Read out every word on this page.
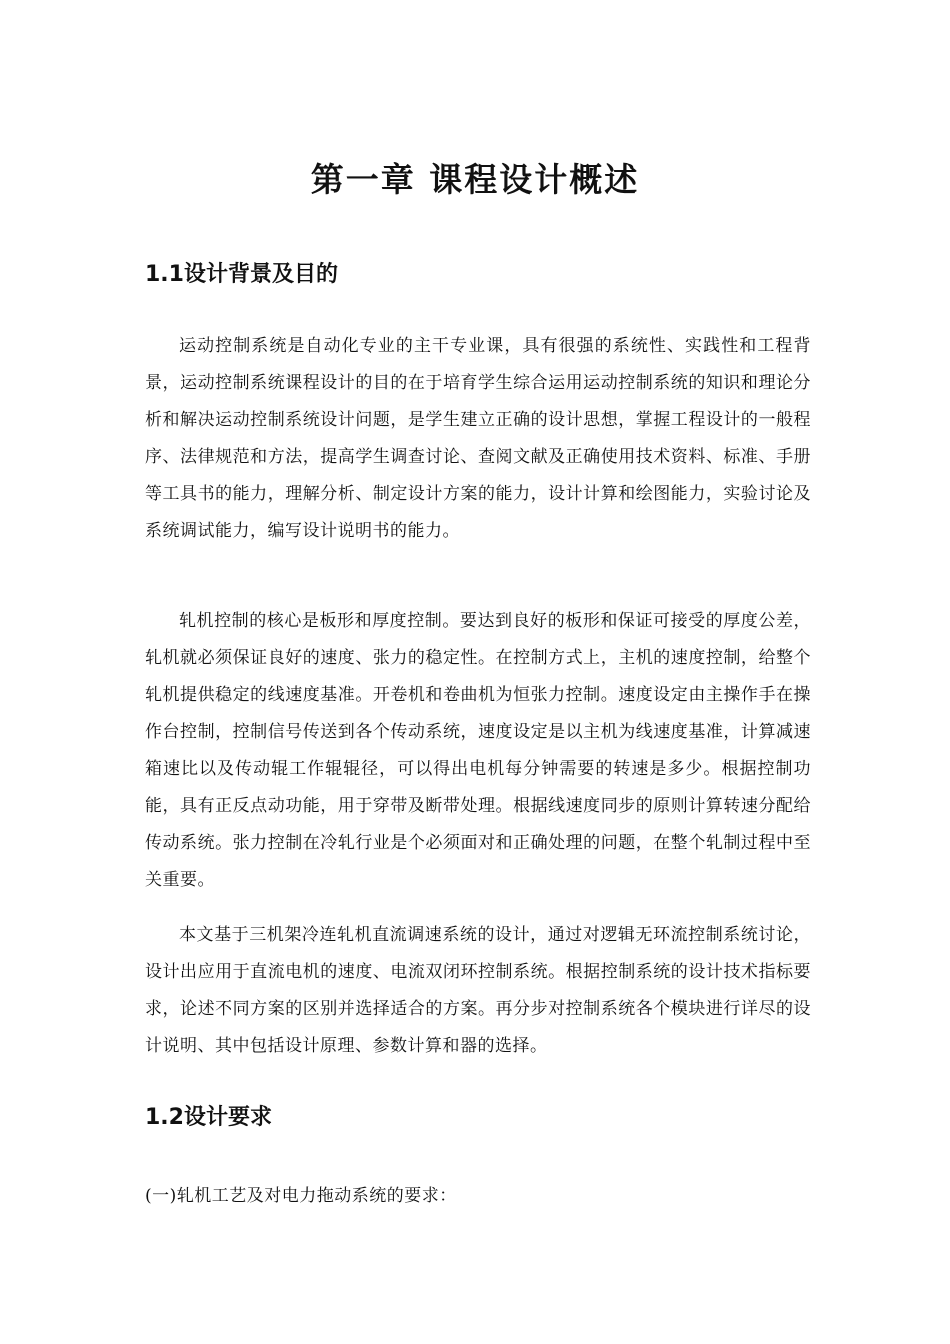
第一章 课程设计概述
1.1设计背景及目的

运动控制系统是自动化专业的主干专业课，具有很强的系统性、实践性和工程背景，运动控制系统课程设计的目的在于培育学生综合运用运动控制系统的知识和理论分析和解决运动控制系统设计问题，是学生建立正确的设计思想，掌握工程设计的一般程序、法律规范和方法，提高学生调查讨论、查阅文献及正确使用技术资料、标准、手册等工具书的能力，理解分析、制定设计方案的能力，设计计算和绘图能力，实验讨论及系统调试能力，编写设计说明书的能力。

轧机控制的核心是板形和厚度控制。要达到良好的板形和保证可接受的厚度公差，轧机就必须保证良好的速度、张力的稳定性。在控制方式上，主机的速度控制，给整个轧机提供稳定的线速度基准。开卷机和卷曲机为恒张力控制。速度设定由主操作手在操作台控制，控制信号传送到各个传动系统，速度设定是以主机为线速度基准，计算减速箱速比以及传动辊工作辊辊径，可以得出电机每分钟需要的转速是多少。根据控制功能，具有正反点动功能，用于穿带及断带处理。根据线速度同步的原则计算转速分配给传动系统。张力控制在冷轧行业是个必须面对和正确处理的问题，在整个轧制过程中至关重要。

本文基于三机架冷连轧机直流调速系统的设计，通过对逻辑无环流控制系统讨论，设计出应用于直流电机的速度、电流双闭环控制系统。根据控制系统的设计技术指标要求，论述不同方案的区别并选择适合的方案。再分步对控制系统各个模块进行详尽的设计说明、其中包括设计原理、参数计算和器的选择。

1.2设计要求

(一)轧机工艺及对电力拖动系统的要求：
